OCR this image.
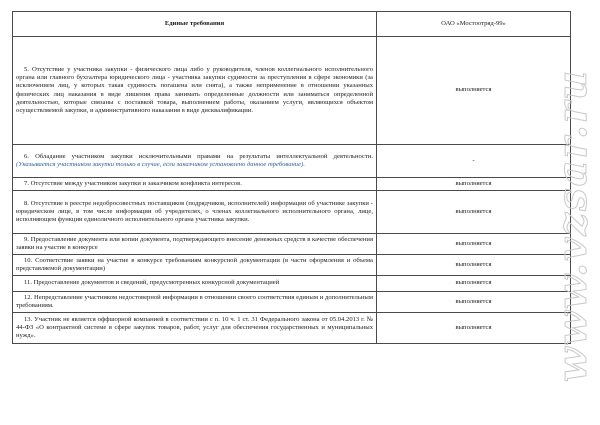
Единые требования	ОАО «Мостоотряд-99»
5. Отсутствие у участника закупки - физического лица либо у руководителя, членов коллегиального исполнительного органа или главного бухгалтера юридического лица - участника закупки судимости за преступления в сфере экономики (за исключением лиц, у которых такая судимость погашена или снята), а также неприменение в отношении указанных физических лиц наказания в виде лишения права занимать определенные должности или заниматься определенной деятельностью, которые связаны с поставкой товара, выполнением работы, оказанием услуги, являющихся объектом осуществляемой закупки, и административного наказания в виде дисквалификации.	выполняется
6. Обладание участником закупки исключительными правами на результаты интеллектуальной деятельности. (Указывается участником закупки только в случае, если заказчиком установлено данное требование).	-
7. Отсутствие между участником закупки и заказчиком конфликта интересов.	выполняется
8. Отсутствие в реестре недобросовестных поставщиков (подрядчиков, исполнителей) информации об участнике закупки - юридическом лице, в том числе информации об учредителях, о членах коллегиального исполнительного органа, лице, исполняющем функции единоличного исполнительного органа участника закупки.	выполняется
9. Предоставление документа или копии документа, подтверждающего внесение денежных средств в качестве обеспечения заявки на участие в конкурсе	выполняется
10. Соответствие заявки на участие в конкурсе требованиям конкурсной документации (в части оформления и объема представляемой документации)	выполняется
11. Предоставление документов и сведений, предусмотренных конкурсной документацией	выполняется
12. Непредставление участником недостоверной информации в отношении своего соответствия единым и дополнительным требованиям.	выполняется
13. Участник не является оффшорной компанией в соответствии с п. 10 ч. 1 ст. 31 Федерального закона от 05.04.2013 г. № 44-ФЗ «О контрактной системе в сфере закупок товаров, работ, услуг для обеспечения государственных и муниципальных нужд».	выполняется www.vzsar.ru
